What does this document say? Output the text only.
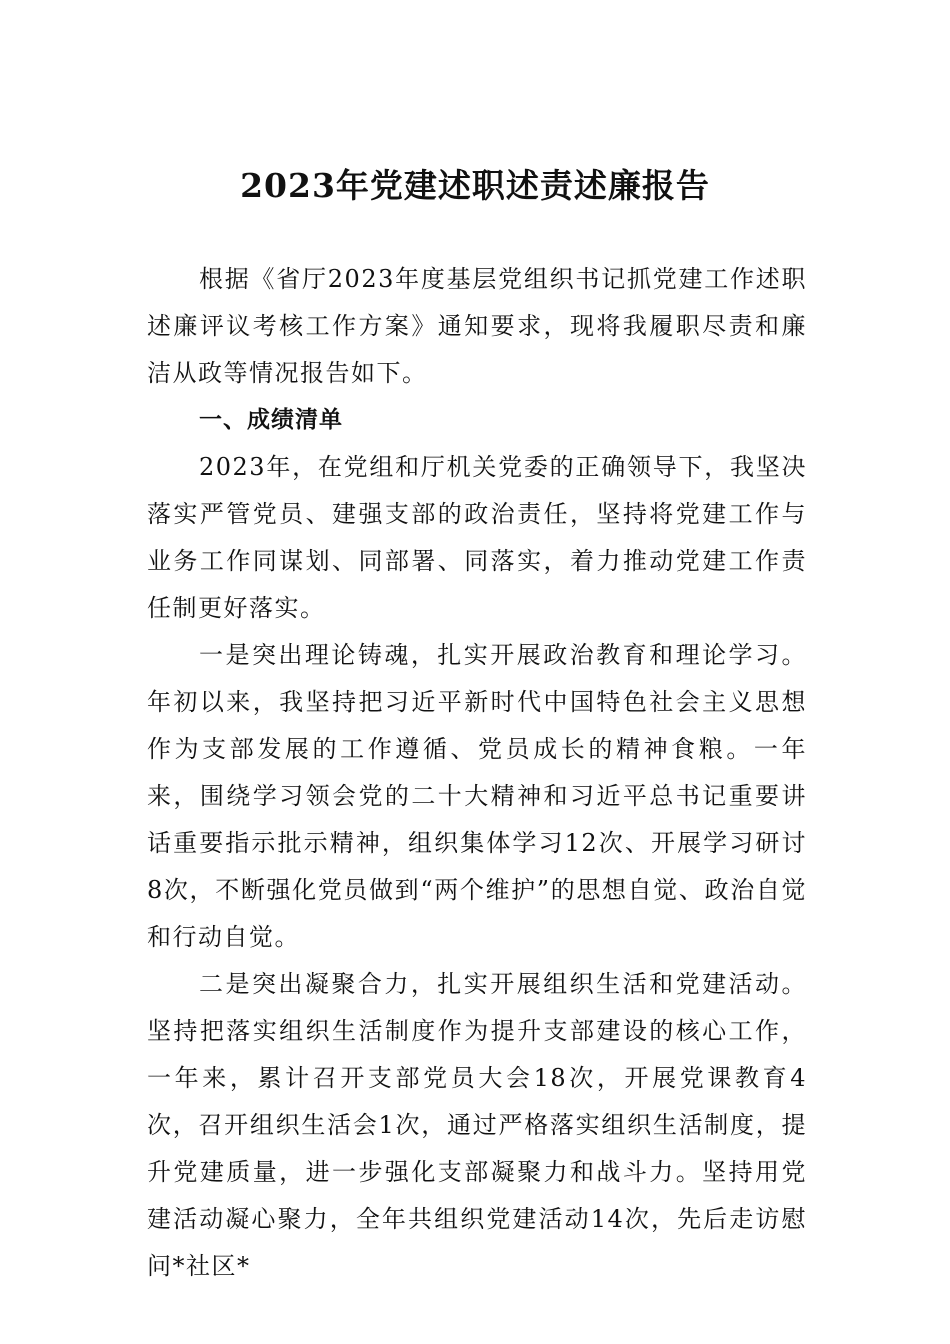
2023年党建述职述责述廉报告

根据《省厅2023年度基层党组织书记抓党建工作述职述廉评议考核工作方案》通知要求，现将我履职尽责和廉洁从政等情况报告如下。

一、成绩清单

2023年，在党组和厅机关党委的正确领导下，我坚决落实严管党员、建强支部的政治责任，坚持将党建工作与业务工作同谋划、同部署、同落实，着力推动党建工作责任制更好落实。

一是突出理论铸魂，扎实开展政治教育和理论学习。年初以来，我坚持把习近平新时代中国特色社会主义思想作为支部发展的工作遵循、党员成长的精神食粮。一年来，围绕学习领会党的二十大精神和习近平总书记重要讲话重要指示批示精神，组织集体学习12次、开展学习研讨8次，不断强化党员做到“两个维护”的思想自觉、政治自觉和行动自觉。

二是突出凝聚合力，扎实开展组织生活和党建活动。坚持把落实组织生活制度作为提升支部建设的核心工作，一年来，累计召开支部党员大会18次，开展党课教育4次，召开组织生活会1次，通过严格落实组织生活制度，提升党建质量，进一步强化支部凝聚力和战斗力。坚持用党建活动凝心聚力，全年共组织党建活动14次，先后走访慰问*社区*
